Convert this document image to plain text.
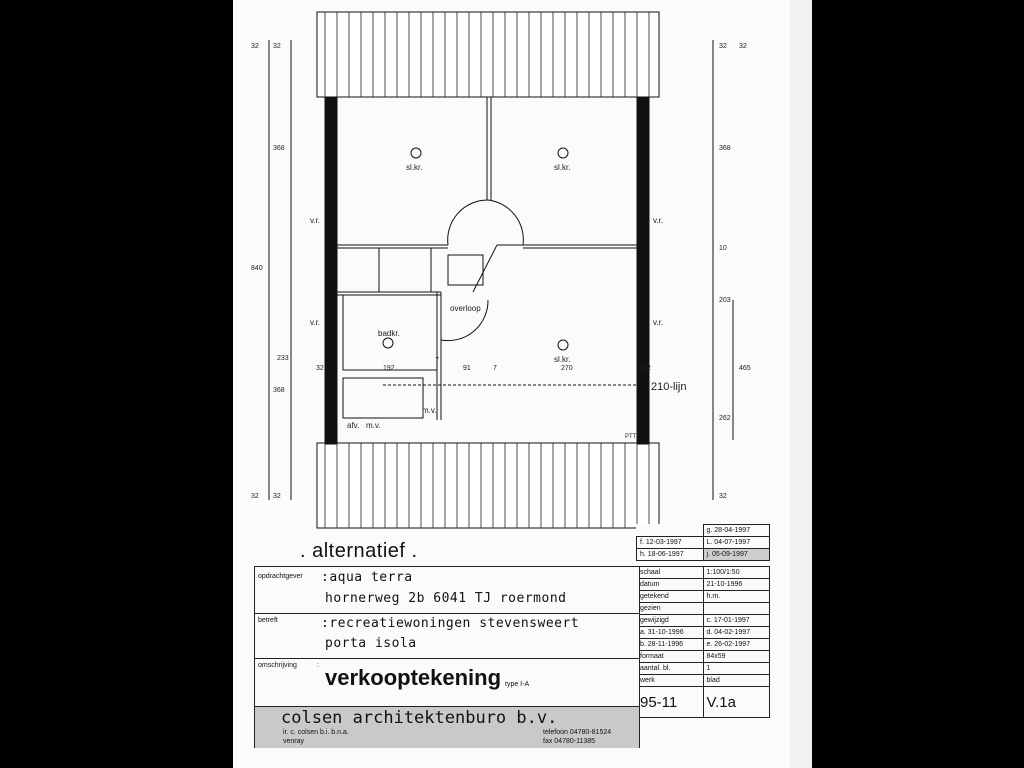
sl.kr.	sl.kr.
sl.kr.
badkr.
overloop
v.r.	v.r.
v.r.	v.r.
afv. m.v.
m.v.
210-lijn
PTT
32 32
368
840
233
368
32 32
32 32
368
10
203
465
262
32
32	192	91	7	270	32
7
	g. 28-04-1997
f. 12-03-1997	L. 04-07-1997
h. 18-06-1997	j. 05-09-1997
schaal	1:100/1:50
datum	21-10-1996
getekend	h.m.
gezien	
gewijzigd	c. 17-01-1997
a. 31-10-1996	d. 04-02-1997
b. 28-11-1996	e. 26-02-1997
formaat	84x59
aantal. bl.	1
werk	blad
95-11	V.1a
. alternatief .
opdrachtgever :aqua terra
hornerweg 2b 6041 TJ roermond
betreft	:recreatiewoningen stevensweert
porta isola
omschrijving	: verkooptekening type I-A
colsen architektenburo b.v.
ir. c. colsen b.i. b.n.a.
venray
telefoon 04780-81524
fax 04780-11385
